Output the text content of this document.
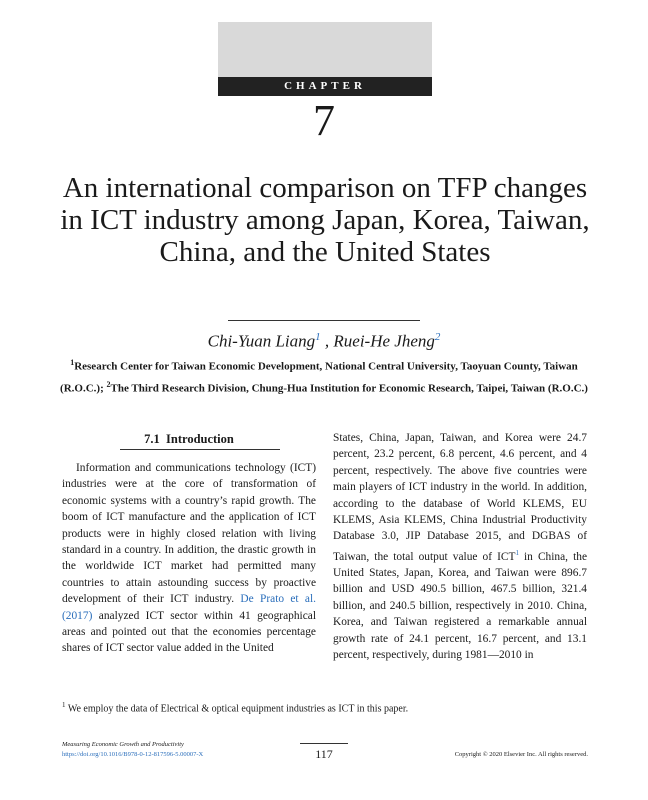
CHAPTER
7
An international comparison on TFP changes in ICT industry among Japan, Korea, Taiwan, China, and the United States
Chi-Yuan Liang$^1$ , Ruei-He Jheng$^2$
$^1$Research Center for Taiwan Economic Development, National Central University, Taoyuan County, Taiwan (R.O.C.); $^2$The Third Research Division, Chung-Hua Institution for Economic Research, Taipei, Taiwan (R.O.C.)
7.1 Introduction
Information and communications technology (ICT) industries were at the core of transformation of economic systems with a country’s rapid growth. The boom of ICT manufacture and the application of ICT products were in highly closed relation with living standard in a country. In addition, the drastic growth in the worldwide ICT market had permitted many countries to attain astounding success by proactive development of their ICT industry. De Prato et al. (2017) analyzed ICT sector within 41 geographical areas and pointed out that the economies percentage shares of ICT sector value added in the United
States, China, Japan, Taiwan, and Korea were 24.7 percent, 23.2 percent, 6.8 percent, 4.6 percent, and 4 percent, respectively. The above five countries were main players of ICT industry in the world. In addition, according to the database of World KLEMS, EU KLEMS, Asia KLEMS, China Industrial Productivity Database 3.0, JIP Database 2015, and DGBAS of Taiwan, the total output value of ICT$^1$ in China, the United States, Japan, Korea, and Taiwan were 896.7 billion and USD 490.5 billion, 467.5 billion, 321.4 billion, and 240.5 billion, respectively in 2010. China, Korea, and Taiwan registered a remarkable annual growth rate of 24.1 percent, 16.7 percent, and 13.1 percent, respectively, during 1981—2010 in
$^1$ We employ the data of Electrical & optical equipment industries as ICT in this paper.
Measuring Economic Growth and Productivity
https://doi.org/10.1016/B978-0-12-817596-5.00007-X	117	Copyright © 2020 Elsevier Inc. All rights reserved.
